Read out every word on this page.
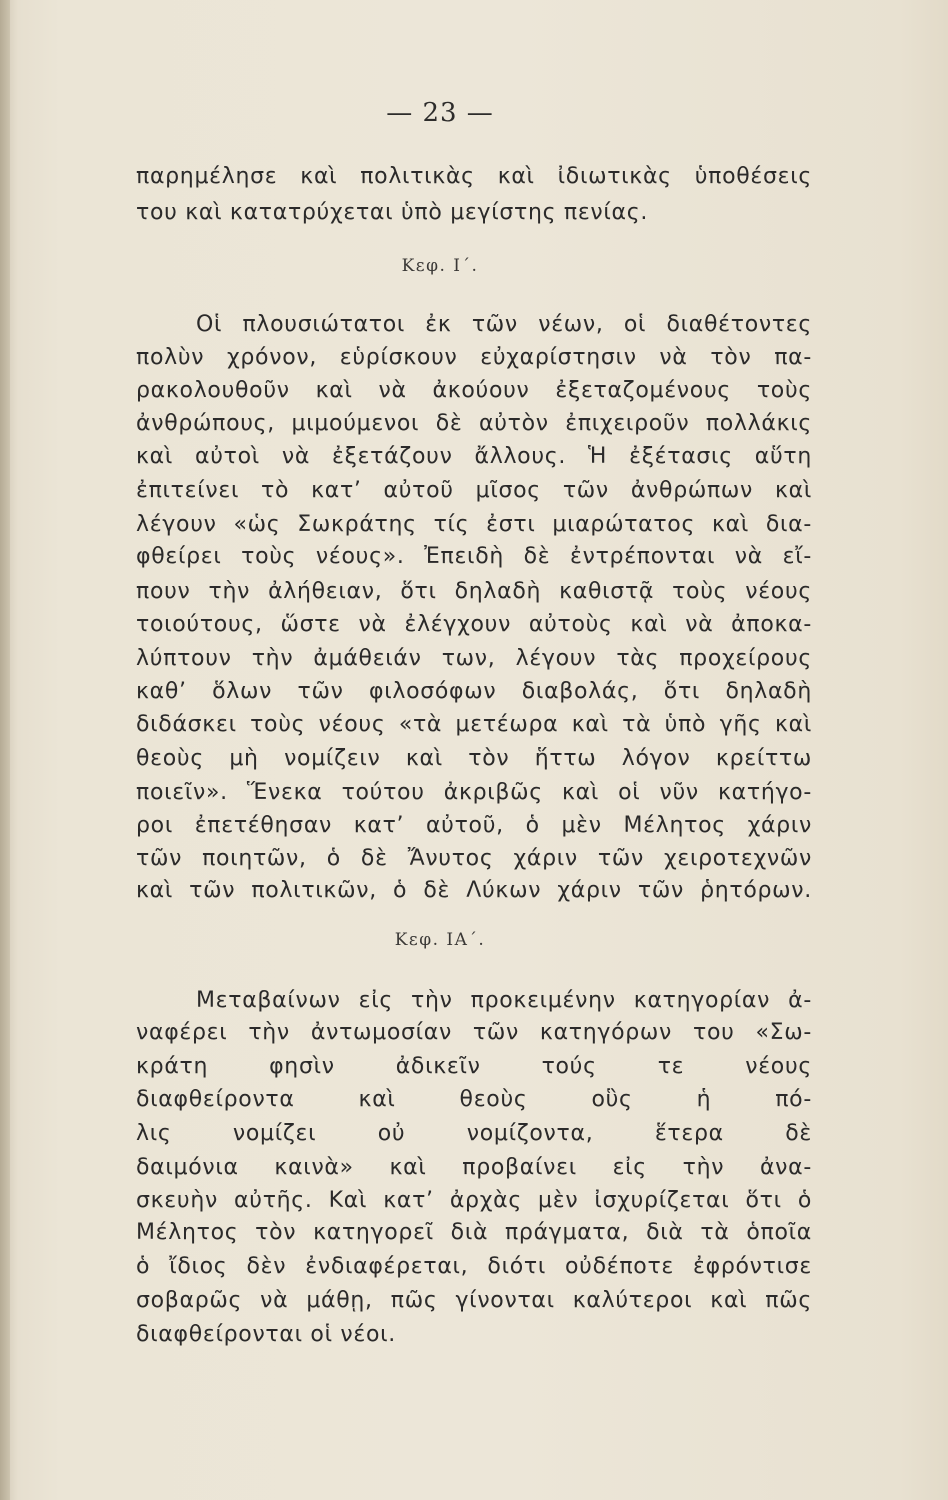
— 23 —
παρημέλησε καὶ πολιτικὰς καὶ ἰδιωτικὰς ὑποθέσεις
του καὶ κατατρύχεται ὑπὸ μεγίστης πενίας.
Κεφ. Ι΄.
Οἱ πλουσιώτατοι ἐκ τῶν νέων, οἱ διαθέτοντες
πολὺν χρόνον, εὑρίσκουν εὐχαρίστησιν νὰ τὸν πα-
ρακολουθοῦν καὶ νὰ ἀκούουν ἐξεταζομένους τοὺς
ἀνθρώπους, μιμούμενοι δὲ αὐτὸν ἐπιχειροῦν πολλάκις
καὶ αὐτοὶ νὰ ἐξετάζουν ἄλλους. Ἡ ἐξέτασις αὕτη
ἐπιτείνει τὸ κατ’ αὐτοῦ μῖσος τῶν ἀνθρώπων καὶ
λέγουν «ὡς Σωκράτης τίς ἐστι μιαρώτατος καὶ δια-
φθείρει τοὺς νέους». Ἐπειδὴ δὲ ἐντρέπονται νὰ εἴ-
πουν τὴν ἀλήθειαν, ὅτι δηλαδὴ καθιστᾷ τοὺς νέους
τοιούτους, ὥστε νὰ ἐλέγχουν αὐτοὺς καὶ νὰ ἀποκα-
λύπτουν τὴν ἀμάθειάν των, λέγουν τὰς προχείρους
καθ’ ὅλων τῶν φιλοσόφων διαβολάς, ὅτι δηλαδὴ
διδάσκει τοὺς νέους «τὰ μετέωρα καὶ τὰ ὑπὸ γῆς καὶ
θεοὺς μὴ νομίζειν καὶ τὸν ἥττω λόγον κρείττω
ποιεῖν». Ἕνεκα τούτου ἀκριβῶς καὶ οἱ νῦν κατήγο-
ροι ἐπετέθησαν κατ’ αὐτοῦ, ὁ μὲν Μέλητος χάριν
τῶν ποιητῶν, ὁ δὲ Ἄνυτος χάριν τῶν χειροτεχνῶν
καὶ τῶν πολιτικῶν, ὁ δὲ Λύκων χάριν τῶν ῥητόρων.
Κεφ. ΙΑ΄.
Μεταβαίνων εἰς τὴν προκειμένην κατηγορίαν ἀ-
ναφέρει τὴν ἀντωμοσίαν τῶν κατηγόρων του «Σω-
κράτη φησὶν ἀδικεῖν τούς τε νέους
διαφθείροντα καὶ θεοὺς οὓς ἡ πό-
λις νομίζει οὐ νομίζοντα, ἕτερα δὲ
δαιμόνια καινὰ» καὶ προβαίνει εἰς τὴν ἀνα-
σκευὴν αὐτῆς. Καὶ κατ’ ἀρχὰς μὲν ἰσχυρίζεται ὅτι ὁ
Μέλητος τὸν κατηγορεῖ διὰ πράγματα, διὰ τὰ ὁποῖα
ὁ ἴδιος δὲν ἐνδιαφέρεται, διότι οὐδέποτε ἐφρόντισε
σοβαρῶς νὰ μάθῃ, πῶς γίνονται καλύτεροι καὶ πῶς
διαφθείρονται οἱ νέοι.
